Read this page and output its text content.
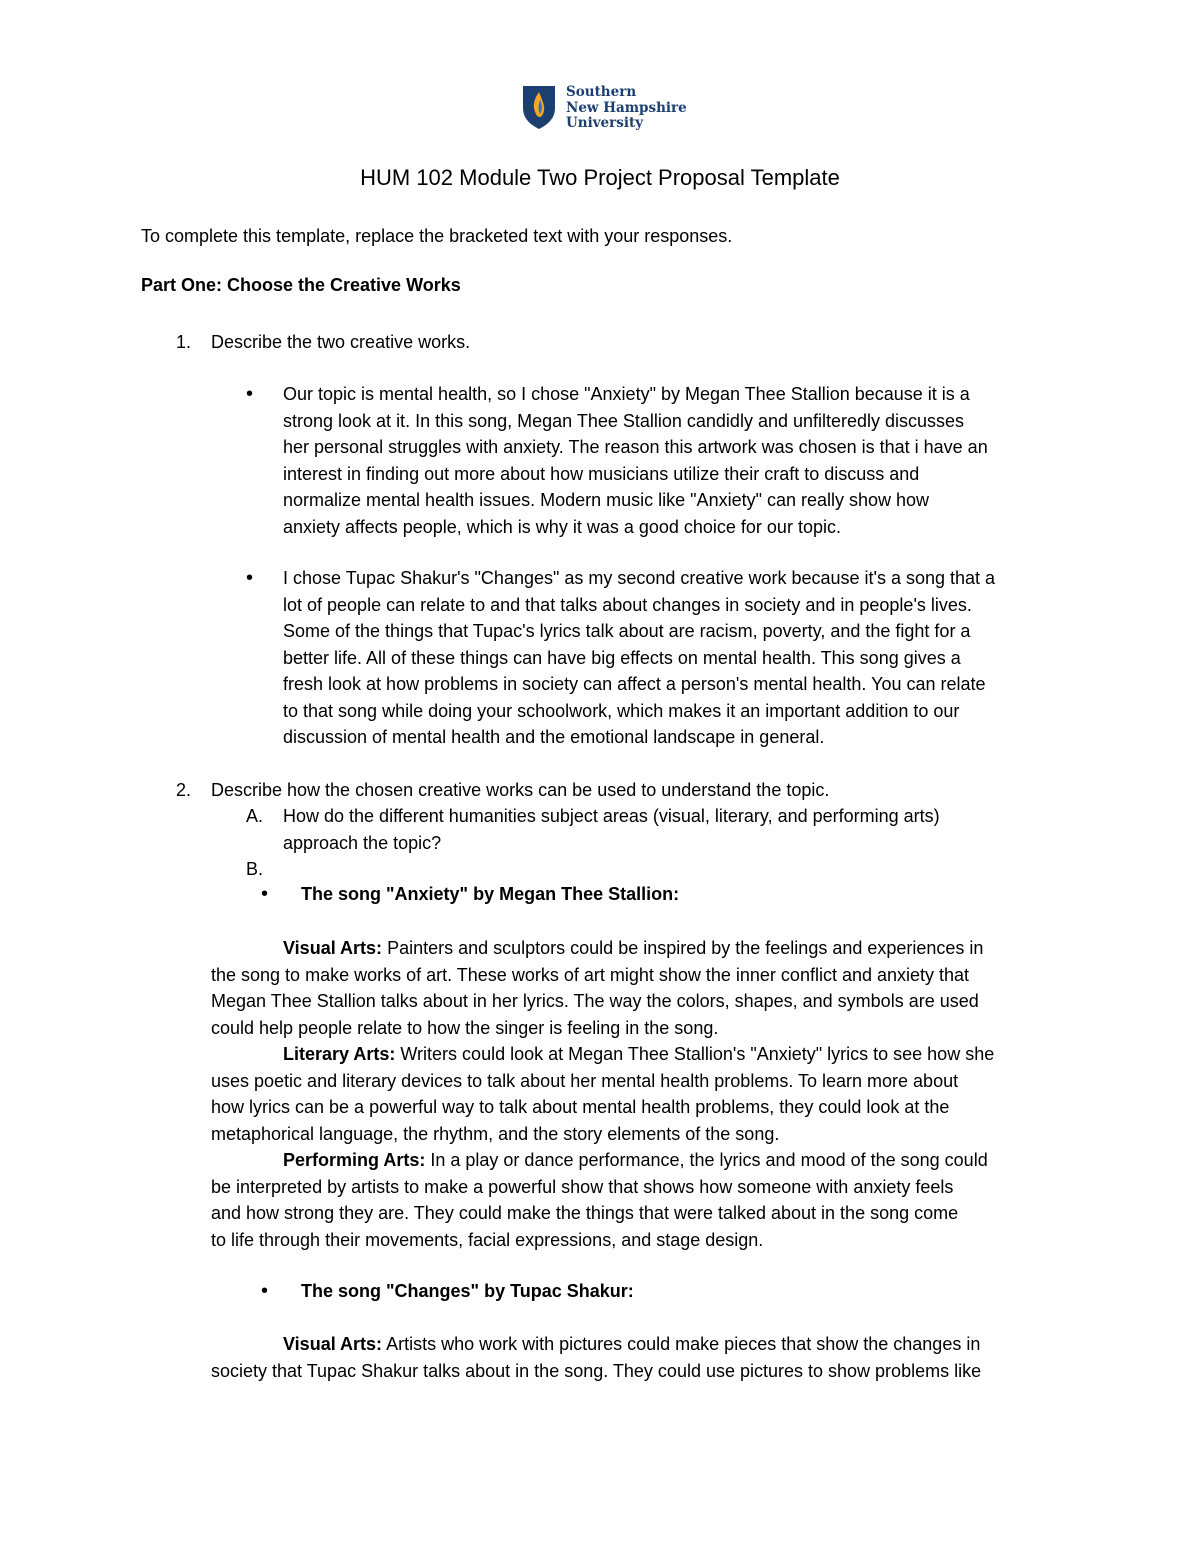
Southern
New Hampshire
University
HUM 102 Module Two Project Proposal Template
To complete this template, replace the bracketed text with your responses.
Part One: Choose the Creative Works
1. Describe the two creative works.
• Our topic is mental health, so I chose "Anxiety" by Megan Thee Stallion because it is a
strong look at it. In this song, Megan Thee Stallion candidly and unfilteredly discusses
her personal struggles with anxiety. The reason this artwork was chosen is that i have an
interest in finding out more about how musicians utilize their craft to discuss and
normalize mental health issues. Modern music like "Anxiety" can really show how
anxiety affects people, which is why it was a good choice for our topic.
• I chose Tupac Shakur's "Changes" as my second creative work because it's a song that a
lot of people can relate to and that talks about changes in society and in people's lives.
Some of the things that Tupac's lyrics talk about are racism, poverty, and the fight for a
better life. All of these things can have big effects on mental health. This song gives a
fresh look at how problems in society can affect a person's mental health. You can relate
to that song while doing your schoolwork, which makes it an important addition to our
discussion of mental health and the emotional landscape in general.
2. Describe how the chosen creative works can be used to understand the topic.
A. How do the different humanities subject areas (visual, literary, and performing arts)
approach the topic?
B.
• The song "Anxiety" by Megan Thee Stallion:
Visual Arts: Painters and sculptors could be inspired by the feelings and experiences in
the song to make works of art. These works of art might show the inner conflict and anxiety that
Megan Thee Stallion talks about in her lyrics. The way the colors, shapes, and symbols are used
could help people relate to how the singer is feeling in the song.
Literary Arts: Writers could look at Megan Thee Stallion's "Anxiety" lyrics to see how she
uses poetic and literary devices to talk about her mental health problems. To learn more about
how lyrics can be a powerful way to talk about mental health problems, they could look at the
metaphorical language, the rhythm, and the story elements of the song.
Performing Arts: In a play or dance performance, the lyrics and mood of the song could
be interpreted by artists to make a powerful show that shows how someone with anxiety feels
and how strong they are. They could make the things that were talked about in the song come
to life through their movements, facial expressions, and stage design.
• The song "Changes" by Tupac Shakur:
Visual Arts: Artists who work with pictures could make pieces that show the changes in
society that Tupac Shakur talks about in the song. They could use pictures to show problems like
